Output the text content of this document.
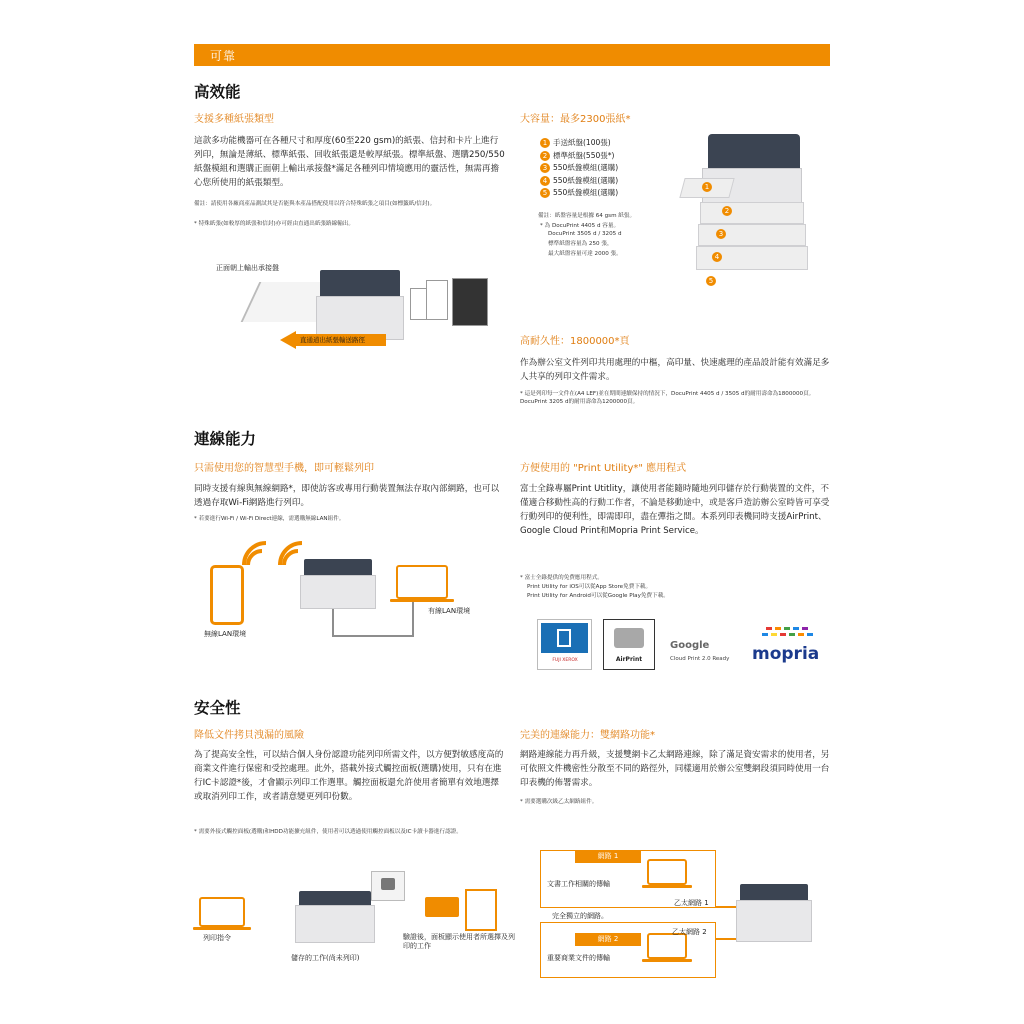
可靠
高效能
支援多種紙張類型
這款多功能機器可在各種尺寸和厚度(60至220 gsm)的紙張、信封和卡片上進行列印，無論是薄紙、標準紙張、回收紙張還是較厚紙張。標準紙盤、選購250/550紙盤模組和選購正面朝上輸出承接盤*滿足各種列印情境應用的靈活性，無需再擔心您所使用的紙張類型。
備註：請使用各廠商產品測試其是否能與本產品搭配使用以符合特殊紙張之項目(如標籤紙/信封)。
* 特殊紙張(如較厚的紙張和信封)亦可經由直通出紙張路線輸出。
正面朝上輸出承接盤
直通道出紙張輸送路徑
大容量：最多2300張紙*
1 手送紙盤(100張)
2 標準紙盤(550張*)
3 550紙盤模組(選購)
4 550紙盤模組(選購)
5 550紙盤模組(選購)
備註：紙盤容量是根據 64 gsm 紙張。
* 為 DocuPrint 4405 d 容量。
DocuPrint 3505 d / 3205 d
標準紙盤容量為 250 張，
最大紙盤容量可達 2000 張。
1
2
3
4
5
高耐久性：1800000*頁
作為辦公室文件列印共用處理的中樞，高印量、快速處理的產品設計能有效滿足多人共享的列印文件需求。
* 這是列印每一文件在(A4 LEF)並在期間連續保持的情況下，DocuPrint 4405 d / 3505 d的耐用壽命為1800000頁。DocuPrint 3205 d的耐用壽命為1200000頁。
連線能力
只需使用您的智慧型手機，即可輕鬆列印
同時支援有線與無線網路*，即使訪客或專用行動裝置無法存取內部網路，也可以透過存取Wi-Fi網路進行列印。
* 若要進行Wi-Fi / Wi-Fi Direct連線，需選購無線LAN組件。
有線LAN環境
無線LAN環境
方便使用的 "Print Utility*" 應用程式
富士全錄專屬Print Utitlity，讓使用者能隨時隨地列印儲存於行動裝置的文件，不僅適合移動性高的行動工作者，不論是移動途中，或是客戶造訪辦公室時皆可享受行動列印的便利性，即需即印，盡在彈指之間。本系列印表機同時支援AirPrint、Google Cloud Print和Mopria Print Service。
* 富士全錄提供的免費應用程式。
Print Utility for iOS可以從App Store免費下載。
Print Utility for Android可以從Google Play免費下載。
FUJI XEROX	AirPrint
Google
Cloud Print 2.0 Ready mopria
安全性
降低文件拷貝洩漏的風險
為了提高安全性，可以結合個人身份認證功能列印所需文件，以方便對敏感度高的商業文件進行保密和受控處理。此外，搭載外接式觸控面板(選購)使用，只有在進行IC卡認證*後，才會顯示列印工作選單。觸控面板還允許使用者簡單有效地選擇或取消列印工作，或者請意變更列印份數。
* 需要外接式觸控面板(選購)和HDD功能擴充組件，使用者可以透過使用觸控面板以及IC卡讀卡器進行認證。
列印指令
儲存的工作(尚未列印)
驗證後，面板顯示使用者所選擇及列印的工作
完美的連線能力：雙網路功能*
網路連線能力再升級，支援雙網卡乙太網路連線，除了滿足資安需求的使用者，另可依照文件機密性分散至不同的路徑外，同樣適用於辦公室雙網段須同時使用一台印表機的佈署需求。
* 需要選購次級乙太網路組件。
網路 1
文書工作相關的傳輸
乙太網路 1
完全獨立的網路。
網路 2
重要商業文件的傳輸
乙太網路 2
